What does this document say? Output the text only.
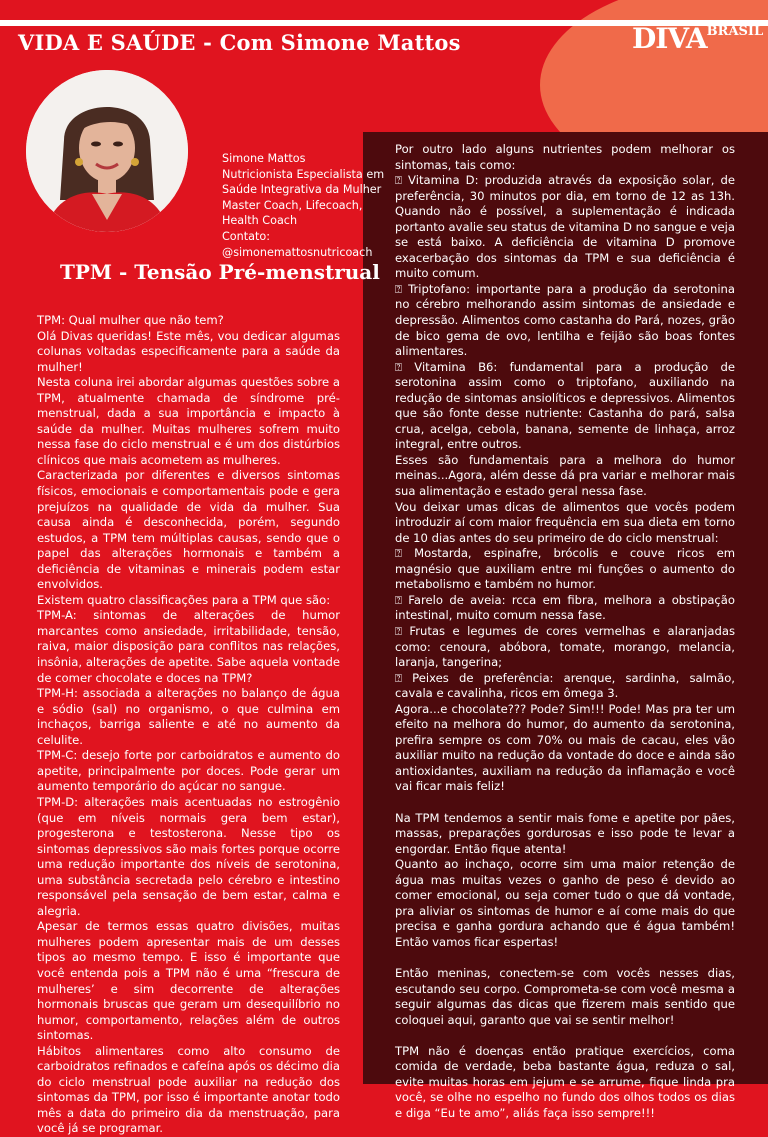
VIDA E SAÚDE - Com Simone Mattos	$DIVA^{BRASIL}$
Simone Mattos
Nutricionista Especialista em Saúde Integrativa da Mulher
Master Coach, Lifecoach, Health Coach
Contato: @simonemattosnutricoach
TPM - Tensão Pré-menstrual

TPM: Qual mulher que não tem?

Olá Divas queridas! Este mês, vou dedicar algumas colunas voltadas especificamente para a saúde da mulher!

Nesta coluna irei abordar algumas questões sobre a TPM, atualmente chamada de síndrome pré-menstrual, dada a sua importância e impacto à saúde da mulher. Muitas mulheres sofrem muito nessa fase do ciclo menstrual e é um dos distúrbios clínicos que mais acometem as mulheres.

Caracterizada por diferentes e diversos sintomas físicos, emocionais e comportamentais pode e gera prejuízos na qualidade de vida da mulher. Sua causa ainda é desconhecida, porém, segundo estudos, a TPM tem múltiplas causas, sendo que o papel das alterações hormonais e também a deficiência de vitaminas e minerais podem estar envolvidos.

Existem quatro classificações para a TPM que são:

TPM-A: sintomas de alterações de humor marcantes como ansiedade, irritabilidade, tensão, raiva, maior disposição para conflitos nas relações, insônia, alterações de apetite. Sabe aquela vontade de comer chocolate e doces na TPM?

TPM-H: associada a alterações no balanço de água e sódio (sal) no organismo, o que culmina em inchaços, barriga saliente e até no aumento da celulite.

TPM-C: desejo forte por carboidratos e aumento do apetite, principalmente por doces. Pode gerar um aumento temporário do açúcar no sangue.

TPM-D: alterações mais acentuadas no estrogênio (que em níveis normais gera bem estar), progesterona e testosterona. Nesse tipo os sintomas depressivos são mais fortes porque ocorre uma redução importante dos níveis de serotonina, uma substância secretada pelo cérebro e intestino responsável pela sensação de bem estar, calma e alegria.

Apesar de termos essas quatro divisões, muitas mulheres podem apresentar mais de um desses tipos ao mesmo tempo. E isso é importante que você entenda pois a TPM não é uma “frescura de mulheres’ e sim decorrente de alterações hormonais bruscas que geram um desequilíbrio no humor, comportamento, relações além de outros sintomas.

Hábitos alimentares como alto consumo de carboidratos refinados e cafeína após os décimo dia do ciclo menstrual pode auxiliar na redução dos sintomas da TPM, por isso é importante anotar todo mês a data do primeiro dia da menstruação, para você já se programar.

Por outro lado alguns nutrientes podem melhorar os sintomas, tais como:

⍰ Vitamina D: produzida através da exposição solar, de preferência, 30 minutos por dia, em torno de 12 as 13h. Quando não é possível, a suplementação é indicada portanto avalie seu status de vitamina D no sangue e veja se está baixo. A deficiência de vitamina D promove exacerbação dos sintomas da TPM e sua deficiência é muito comum.

⍰ Triptofano: importante para a produção da serotonina no cérebro melhorando assim sintomas de ansiedade e depressão. Alimentos como castanha do Pará, nozes, grão de bico gema de ovo, lentilha e feijão são boas fontes alimentares.

⍰ Vitamina B6: fundamental para a produção de serotonina assim como o triptofano, auxiliando na redução de sintomas ansiolíticos e depressivos. Alimentos que são fonte desse nutriente: Castanha do pará, salsa crua, acelga, cebola, banana, semente de linhaça, arroz integral, entre outros.

Esses são fundamentais para a melhora do humor meinas...Agora, além desse dá pra variar e melhorar mais sua alimentação e estado geral nessa fase.

Vou deixar umas dicas de alimentos que vocês podem introduzir aí com maior frequência em sua dieta em torno de 10 dias antes do seu primeiro de do ciclo menstrual:

⍰ Mostarda, espinafre, brócolis e couve ricos em magnésio que auxiliam entre mi funções o aumento do metabolismo e também no humor.

⍰ Farelo de aveia: rcca em fibra, melhora a obstipação intestinal, muito comum nessa fase.

⍰ Frutas e legumes de cores vermelhas e alaranjadas como: cenoura, abóbora, tomate, morango, melancia, laranja, tangerina;

⍰ Peixes de preferência: arenque, sardinha, salmão, cavala e cavalinha, ricos em ômega 3.

Agora...e chocolate??? Pode? Sim!!! Pode! Mas pra ter um efeito na melhora do humor, do aumento da serotonina, prefira sempre os com 70% ou mais de cacau, eles vão auxiliar muito na redução da vontade do doce e ainda são antioxidantes, auxiliam na redução da inflamação e você vai ficar mais feliz!

Na TPM tendemos a sentir mais fome e apetite por pães, massas, preparações gordurosas e isso pode te levar a engordar. Então fique atenta!

Quanto ao inchaço, ocorre sim uma maior retenção de água mas muitas vezes o ganho de peso é devido ao comer emocional, ou seja comer tudo o que dá vontade, pra aliviar os sintomas de humor e aí come mais do que precisa e ganha gordura achando que é água também! Então vamos ficar espertas!

Então meninas, conectem-se com vocês nesses dias, escutando seu corpo. Comprometa-se com você mesma a seguir algumas das dicas que fizerem mais sentido que coloquei aqui, garanto que vai se sentir melhor!

TPM não é doenças então pratique exercícios, coma comida de verdade, beba bastante água, reduza o sal, evite muitas horas em jejum e se arrume, fique linda pra você, se olhe no espelho no fundo dos olhos todos os dias e diga “Eu te amo”, aliás faça isso sempre!!!
